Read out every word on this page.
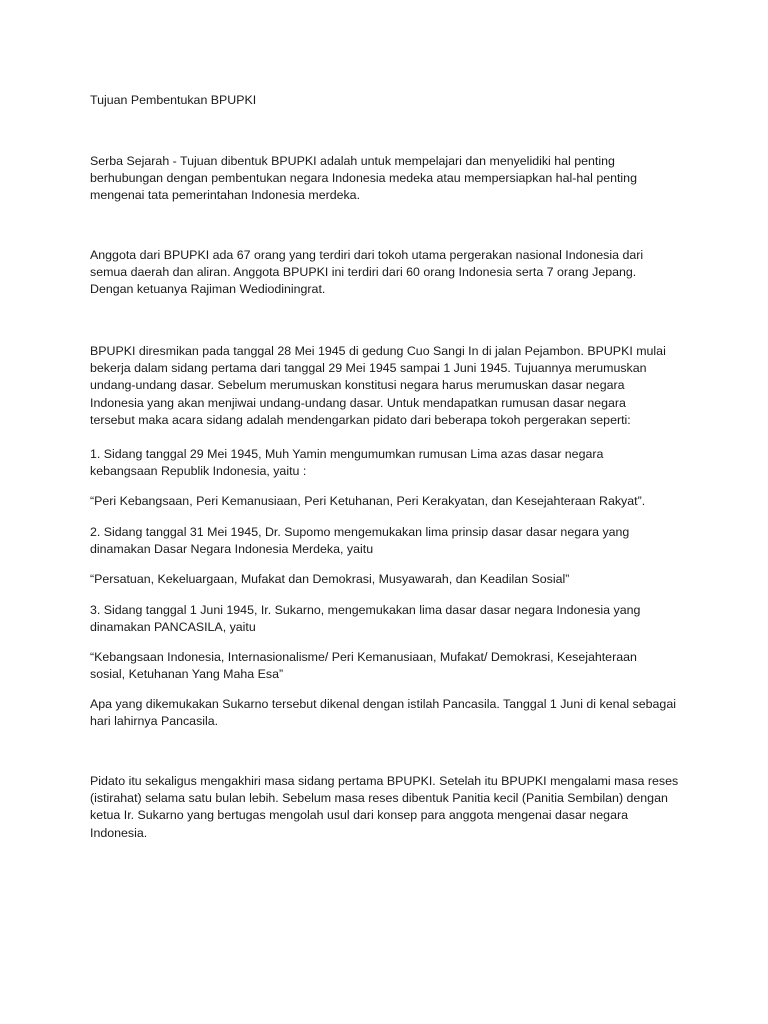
Tujuan Pembentukan BPUPKI

Serba Sejarah - Tujuan dibentuk BPUPKI adalah untuk mempelajari dan menyelidiki hal penting

berhubungan dengan pembentukan negara Indonesia medeka atau mempersiapkan hal-hal penting

mengenai tata pemerintahan Indonesia merdeka.

Anggota dari BPUPKI ada 67 orang yang terdiri dari tokoh utama pergerakan nasional Indonesia dari

semua daerah dan aliran. Anggota BPUPKI ini terdiri dari 60 orang Indonesia serta 7 orang Jepang.

Dengan ketuanya Rajiman Wediodiningrat.

BPUPKI diresmikan pada tanggal 28 Mei 1945 di gedung Cuo Sangi In di jalan Pejambon. BPUPKI mulai

bekerja dalam sidang pertama dari tanggal 29 Mei 1945 sampai 1 Juni 1945. Tujuannya merumuskan

undang-undang dasar. Sebelum merumuskan konstitusi negara harus merumuskan dasar negara

Indonesia yang akan menjiwai undang-undang dasar. Untuk mendapatkan rumusan dasar negara

tersebut maka acara sidang adalah mendengarkan pidato dari beberapa tokoh pergerakan seperti:

1. Sidang tanggal 29 Mei 1945, Muh Yamin mengumumkan rumusan Lima azas dasar negara

kebangsaan Republik Indonesia, yaitu :

“Peri Kebangsaan, Peri Kemanusiaan, Peri Ketuhanan, Peri Kerakyatan, dan Kesejahteraan Rakyat”.

2. Sidang tanggal 31 Mei 1945, Dr. Supomo mengemukakan lima prinsip dasar dasar negara yang

dinamakan Dasar Negara Indonesia Merdeka, yaitu

“Persatuan, Kekeluargaan, Mufakat dan Demokrasi, Musyawarah, dan Keadilan Sosial”

3. Sidang tanggal 1 Juni 1945, Ir. Sukarno, mengemukakan lima dasar dasar negara Indonesia yang

dinamakan PANCASILA, yaitu

“Kebangsaan Indonesia, Internasionalisme/ Peri Kemanusiaan, Mufakat/ Demokrasi, Kesejahteraan

sosial, Ketuhanan Yang Maha Esa”

Apa yang dikemukakan Sukarno tersebut dikenal dengan istilah Pancasila. Tanggal 1 Juni di kenal sebagai

hari lahirnya Pancasila.

Pidato itu sekaligus mengakhiri masa sidang pertama BPUPKI. Setelah itu BPUPKI mengalami masa reses

(istirahat) selama satu bulan lebih. Sebelum masa reses dibentuk Panitia kecil (Panitia Sembilan) dengan

ketua Ir. Sukarno yang bertugas mengolah usul dari konsep para anggota mengenai dasar negara

Indonesia.
